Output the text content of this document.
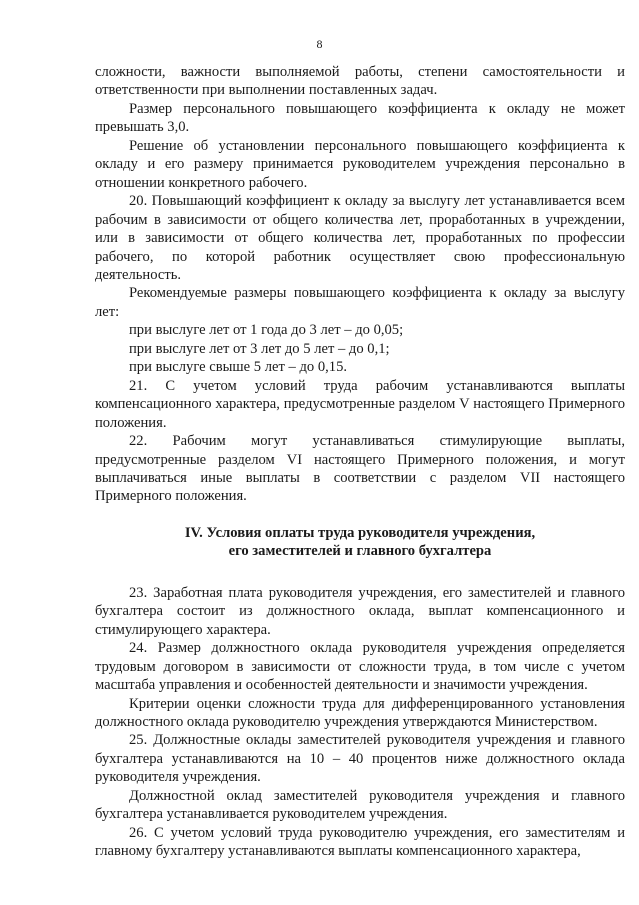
8

сложности, важности выполняемой работы, степени самостоятельности и ответственности при выполнении поставленных задач.

Размер персонального повышающего коэффициента к окладу не может превышать 3,0.

Решение об установлении персонального повышающего коэффициента к окладу и его размеру принимается руководителем учреждения персонально в отношении конкретного рабочего.

20. Повышающий коэффициент к окладу за выслугу лет устанавливается всем рабочим в зависимости от общего количества лет, проработанных в учреждении, или в зависимости от общего количества лет, проработанных по профессии рабочего, по которой работник осуществляет свою профессиональную деятельность.

Рекомендуемые размеры повышающего коэффициента к окладу за выслугу лет:

при выслуге лет от 1 года до 3 лет – до 0,05;

при выслуге лет от 3 лет до 5 лет – до 0,1;

при выслуге свыше 5 лет – до 0,15.

21. С учетом условий труда рабочим устанавливаются выплаты компенсационного характера, предусмотренные разделом V настоящего Примерного положения.

22. Рабочим могут устанавливаться стимулирующие выплаты, предусмотренные разделом VI настоящего Примерного положения, и могут выплачиваться иные выплаты в соответствии с разделом VII настоящего Примерного положения.

IV. Условия оплаты труда руководителя учреждения,

его заместителей и главного бухгалтера

23. Заработная плата руководителя учреждения, его заместителей и главного бухгалтера состоит из должностного оклада, выплат компенсационного и стимулирующего характера.

24. Размер должностного оклада руководителя учреждения определяется трудовым договором в зависимости от сложности труда, в том числе с учетом масштаба управления и особенностей деятельности и значимости учреждения.

Критерии оценки сложности труда для дифференцированного установления должностного оклада руководителю учреждения утверждаются Министерством.

25. Должностные оклады заместителей руководителя учреждения и главного бухгалтера устанавливаются на 10 – 40 процентов ниже должностного оклада руководителя учреждения.

Должностной оклад заместителей руководителя учреждения и главного бухгалтера устанавливается руководителем учреждения.

26. С учетом условий труда руководителю учреждения, его заместителям и главному бухгалтеру устанавливаются выплаты компенсационного характера,
